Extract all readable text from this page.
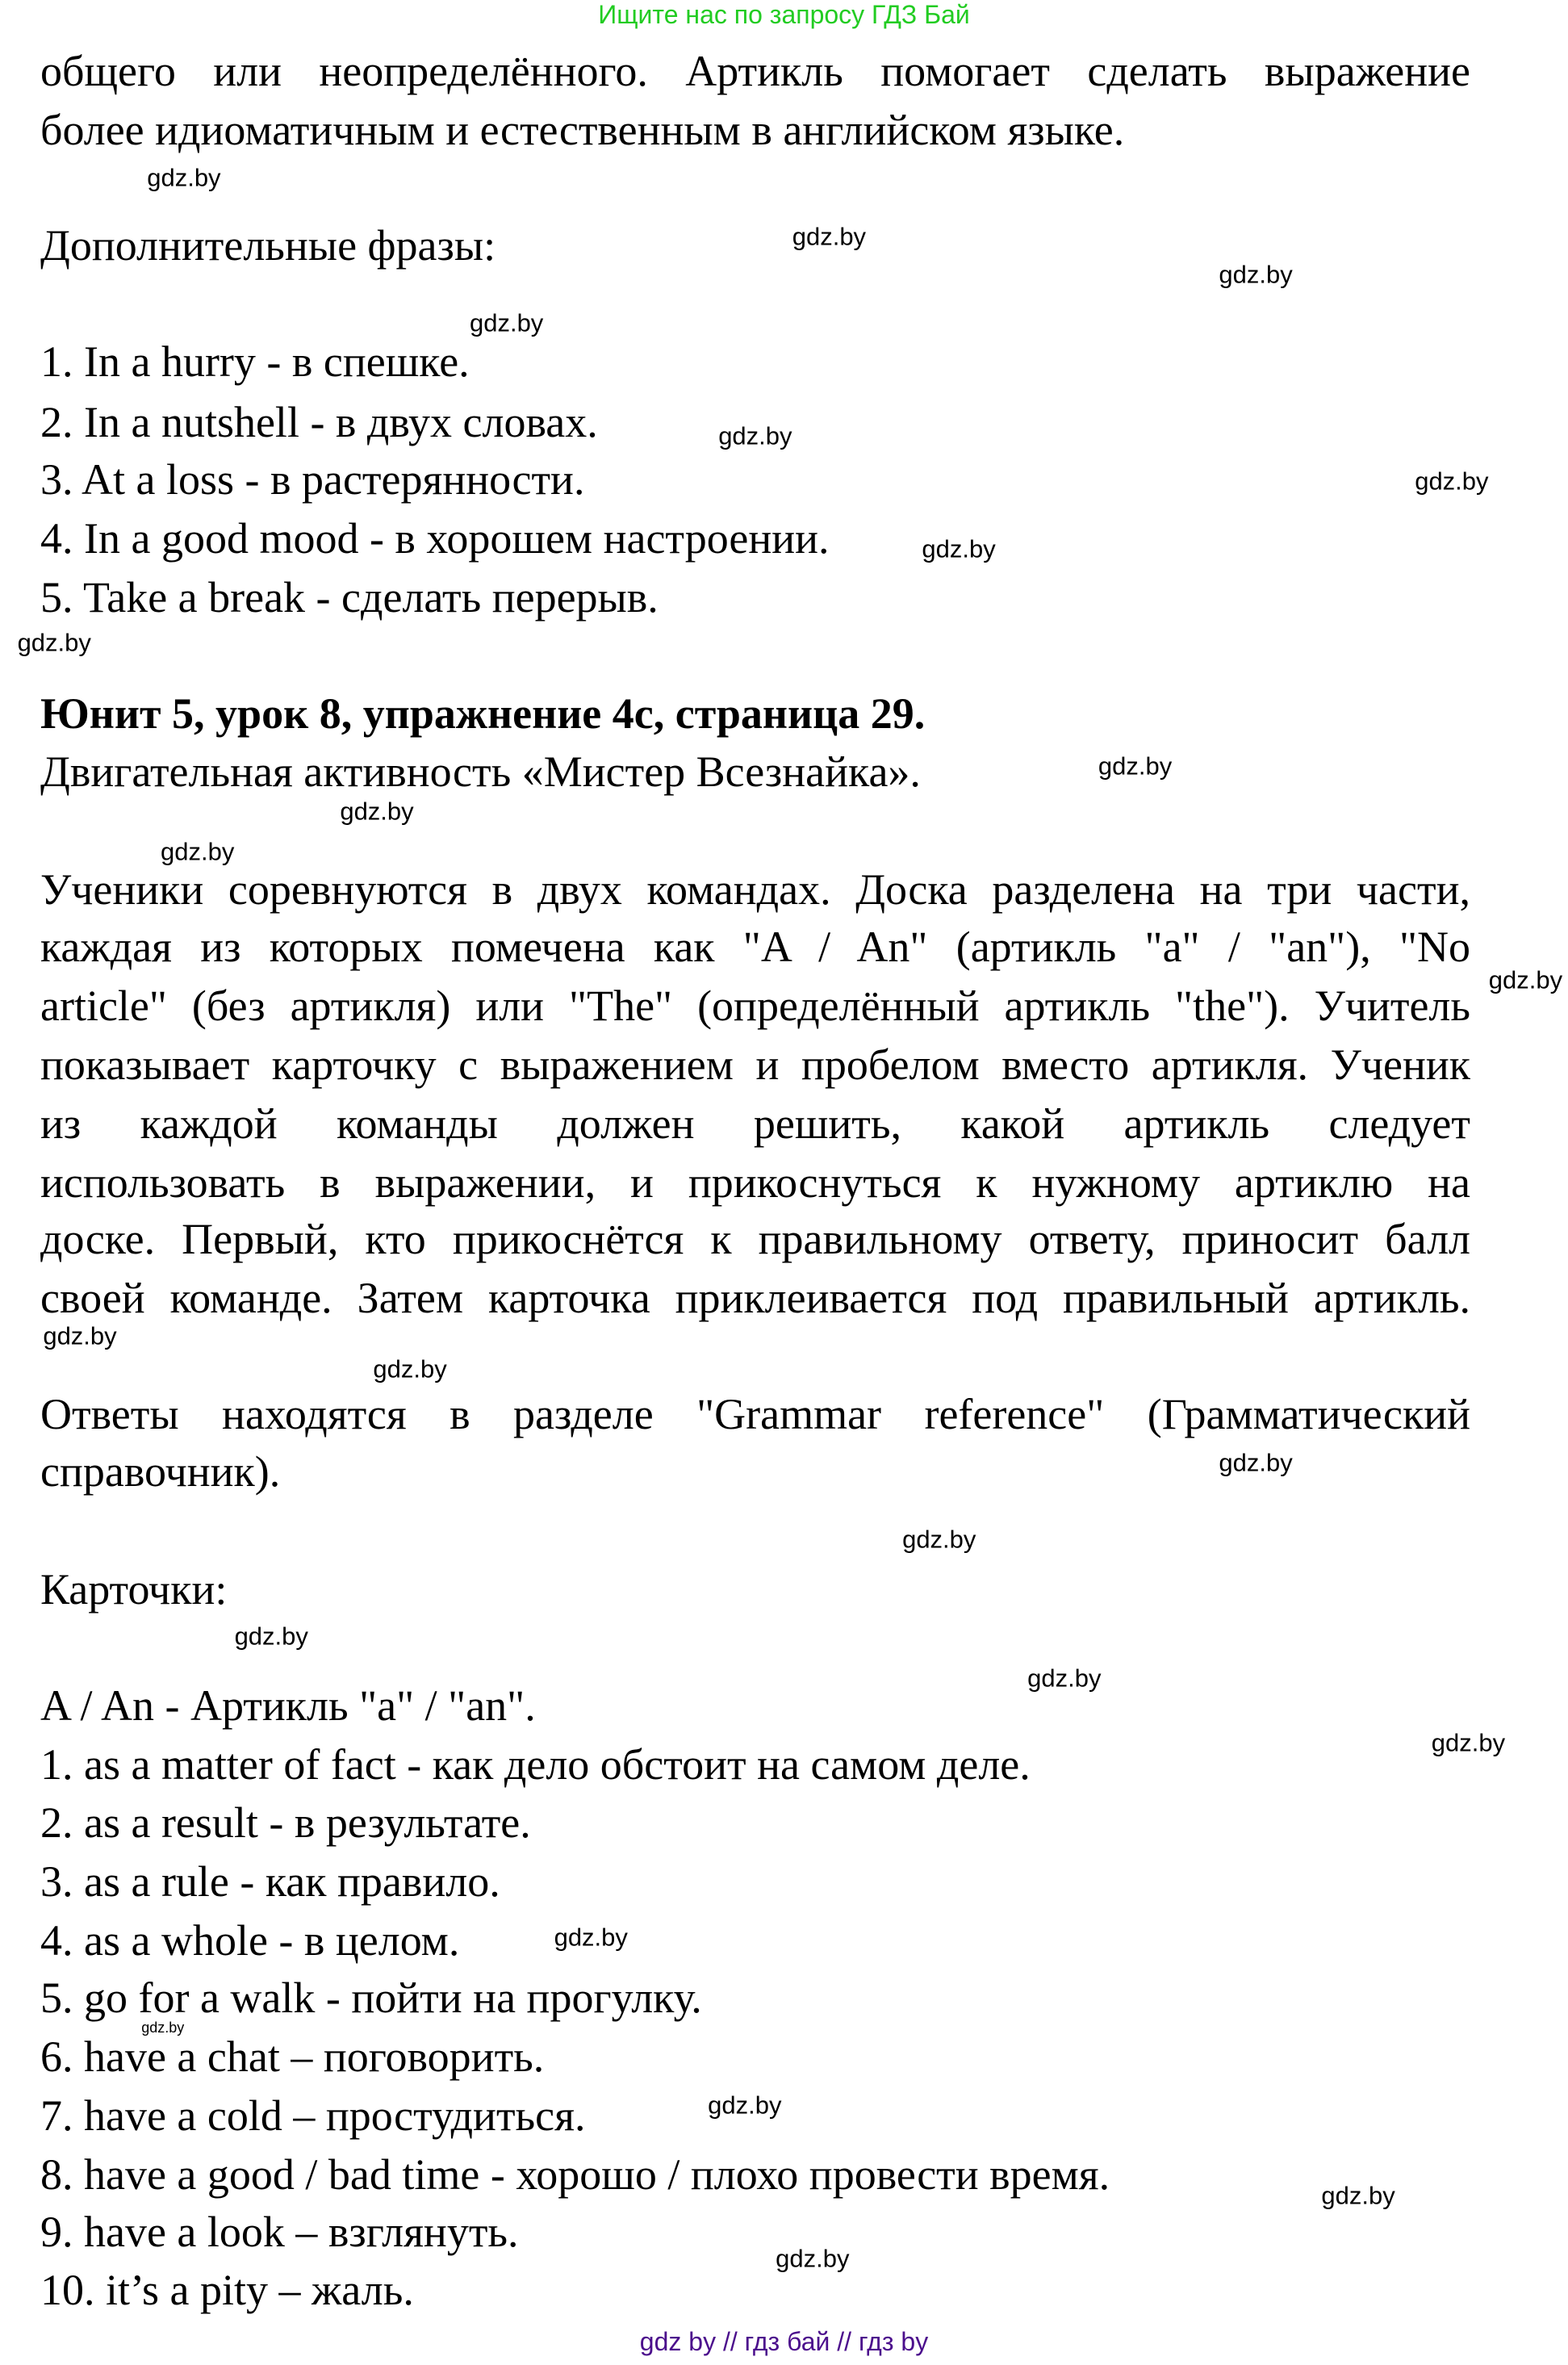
Ищите нас по запросу ГДЗ Бай
общего или неопределённого. Артикль помогает сделать выражение
более идиоматичным и естественным в английском языке.
Дополнительные фразы:
1. In a hurry - в спешке.
2. In a nutshell - в двух словах.
3. At a loss - в растерянности.
4. In a good mood - в хорошем настроении.
5. Take a break - сделать перерыв.
Юнит 5, урок 8, упражнение 4с, страница 29.
Двигательная активность «Мистер Всезнайка».
Ученики соревнуются в двух командах. Доска разделена на три части,
каждая из которых помечена как "A / An" (артикль "a" / "an"), "No
article" (без артикля) или "The" (определённый артикль "the"). Учитель
показывает карточку с выражением и пробелом вместо артикля. Ученик
из каждой команды должен решить, какой артикль следует
использовать в выражении, и прикоснуться к нужному артиклю на
доске. Первый, кто прикоснётся к правильному ответу, приносит балл
своей команде. Затем карточка приклеивается под правильный артикль.
Ответы находятся в разделе "Grammar reference" (Грамматический
справочник).
Карточки:
A / An - Артикль "a" / "an".
1. as a matter of fact - как дело обстоит на самом деле.
2. as a result - в результате.
3. as a rule - как правило.
4. as a whole - в целом.
5. go for a walk - пойти на прогулку.
6. have a chat – поговорить.
7. have a cold – простудиться.
8. have a good / bad time - хорошо / плохо провести время.
9. have a look – взглянуть.
10. it’s a pity – жаль.
gdz.by
gdz.by
gdz.by
gdz.by
gdz.by
gdz.by
gdz.by
gdz.by
gdz.by
gdz.by
gdz.by
gdz.by
gdz.by
gdz.by
gdz.by
gdz.by
gdz.by
gdz.by
gdz.by
gdz.by
gdz.by
gdz.by
gdz.by
gdz.by
gdz by // гдз бай // гдз by
